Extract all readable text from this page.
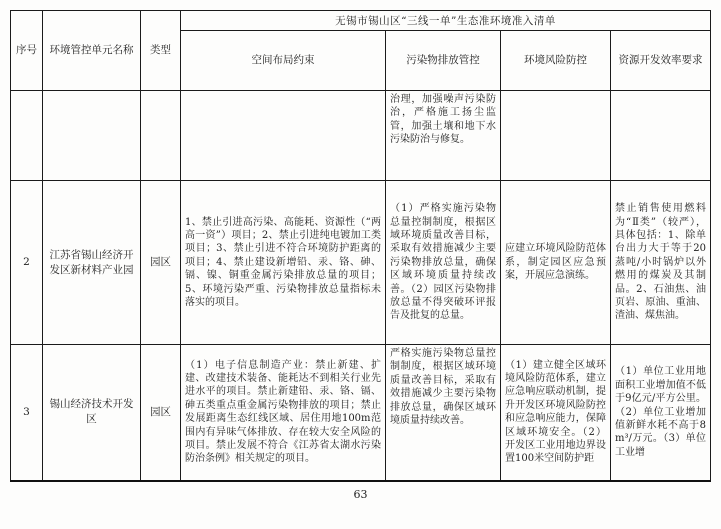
序号	环境管控单元名称	类型	无锡市锡山区“三线一单”生态准环境准入清单			
			空间布局约束	污染物排放管控	环境风险防控	资源开发效率要求
				治理，加强噪声污染防治，严格施工扬尘监管，加强土壤和地下水污染防治与修复。		
2	江苏省锡山经济开发区新材料产业园	园区	1、禁止引进高污染、高能耗、资源性（“两高一资”）项目；2、禁止引进纯电镀加工类项目；3、禁止引进不符合环境防护距离的项目；4、禁止建设新增铅、汞、铬、砷、镉、镍、铜重金属污染排放总量的项目；5、环境污染严重、污染物排放总量指标未落实的项目。	（1）严格实施污染物总量控制制度，根据区域环境质量改善目标，采取有效措施减少主要污染物排放总量，确保区域环境质量持续改善。（2）园区污染物排放总量不得突破环评报告及批复的总量。	应建立环境风险防范体系，制定园区应急预案，开展应急演练。	禁止销售使用燃料为“Ⅱ类”（较严），具体包括：1、除单台出力大于等于20蒸吨/小时锅炉以外燃用的煤炭及其制品。2、石油焦、油页岩、原油、重油、渣油、煤焦油。
3	锡山经济技术开发区	园区	（1）电子信息制造产业：禁止新建、扩建、改建技术装备、能耗达不到相关行业先进水平的项目。禁止新建铅、汞、铬、镉、砷五类重点重金属污染物排放的项目；禁止发展距离生态红线区域、居住用地100m范围内有异味气体排放、存在较大安全风险的项目。禁止发展不符合《江苏省太湖水污染防治条例》相关规定的项目。	严格实施污染物总量控制制度，根据区域环境质量改善目标，采取有效措施减少主要污染物排放总量，确保区域环境质量持续改善。	（1）建立健全区域环境风险防范体系，建立应急响应联动机制，提升开发区环境风险防控和应急响应能力，保障区域环境安全。（2）开发区工业用地边界设置100米空间防护距	（1）单位工业用地面积工业增加值不低于9亿元/平方公里。（2）单位工业增加值新鲜水耗不高于8m³/万元。（3）单位工业增
63
